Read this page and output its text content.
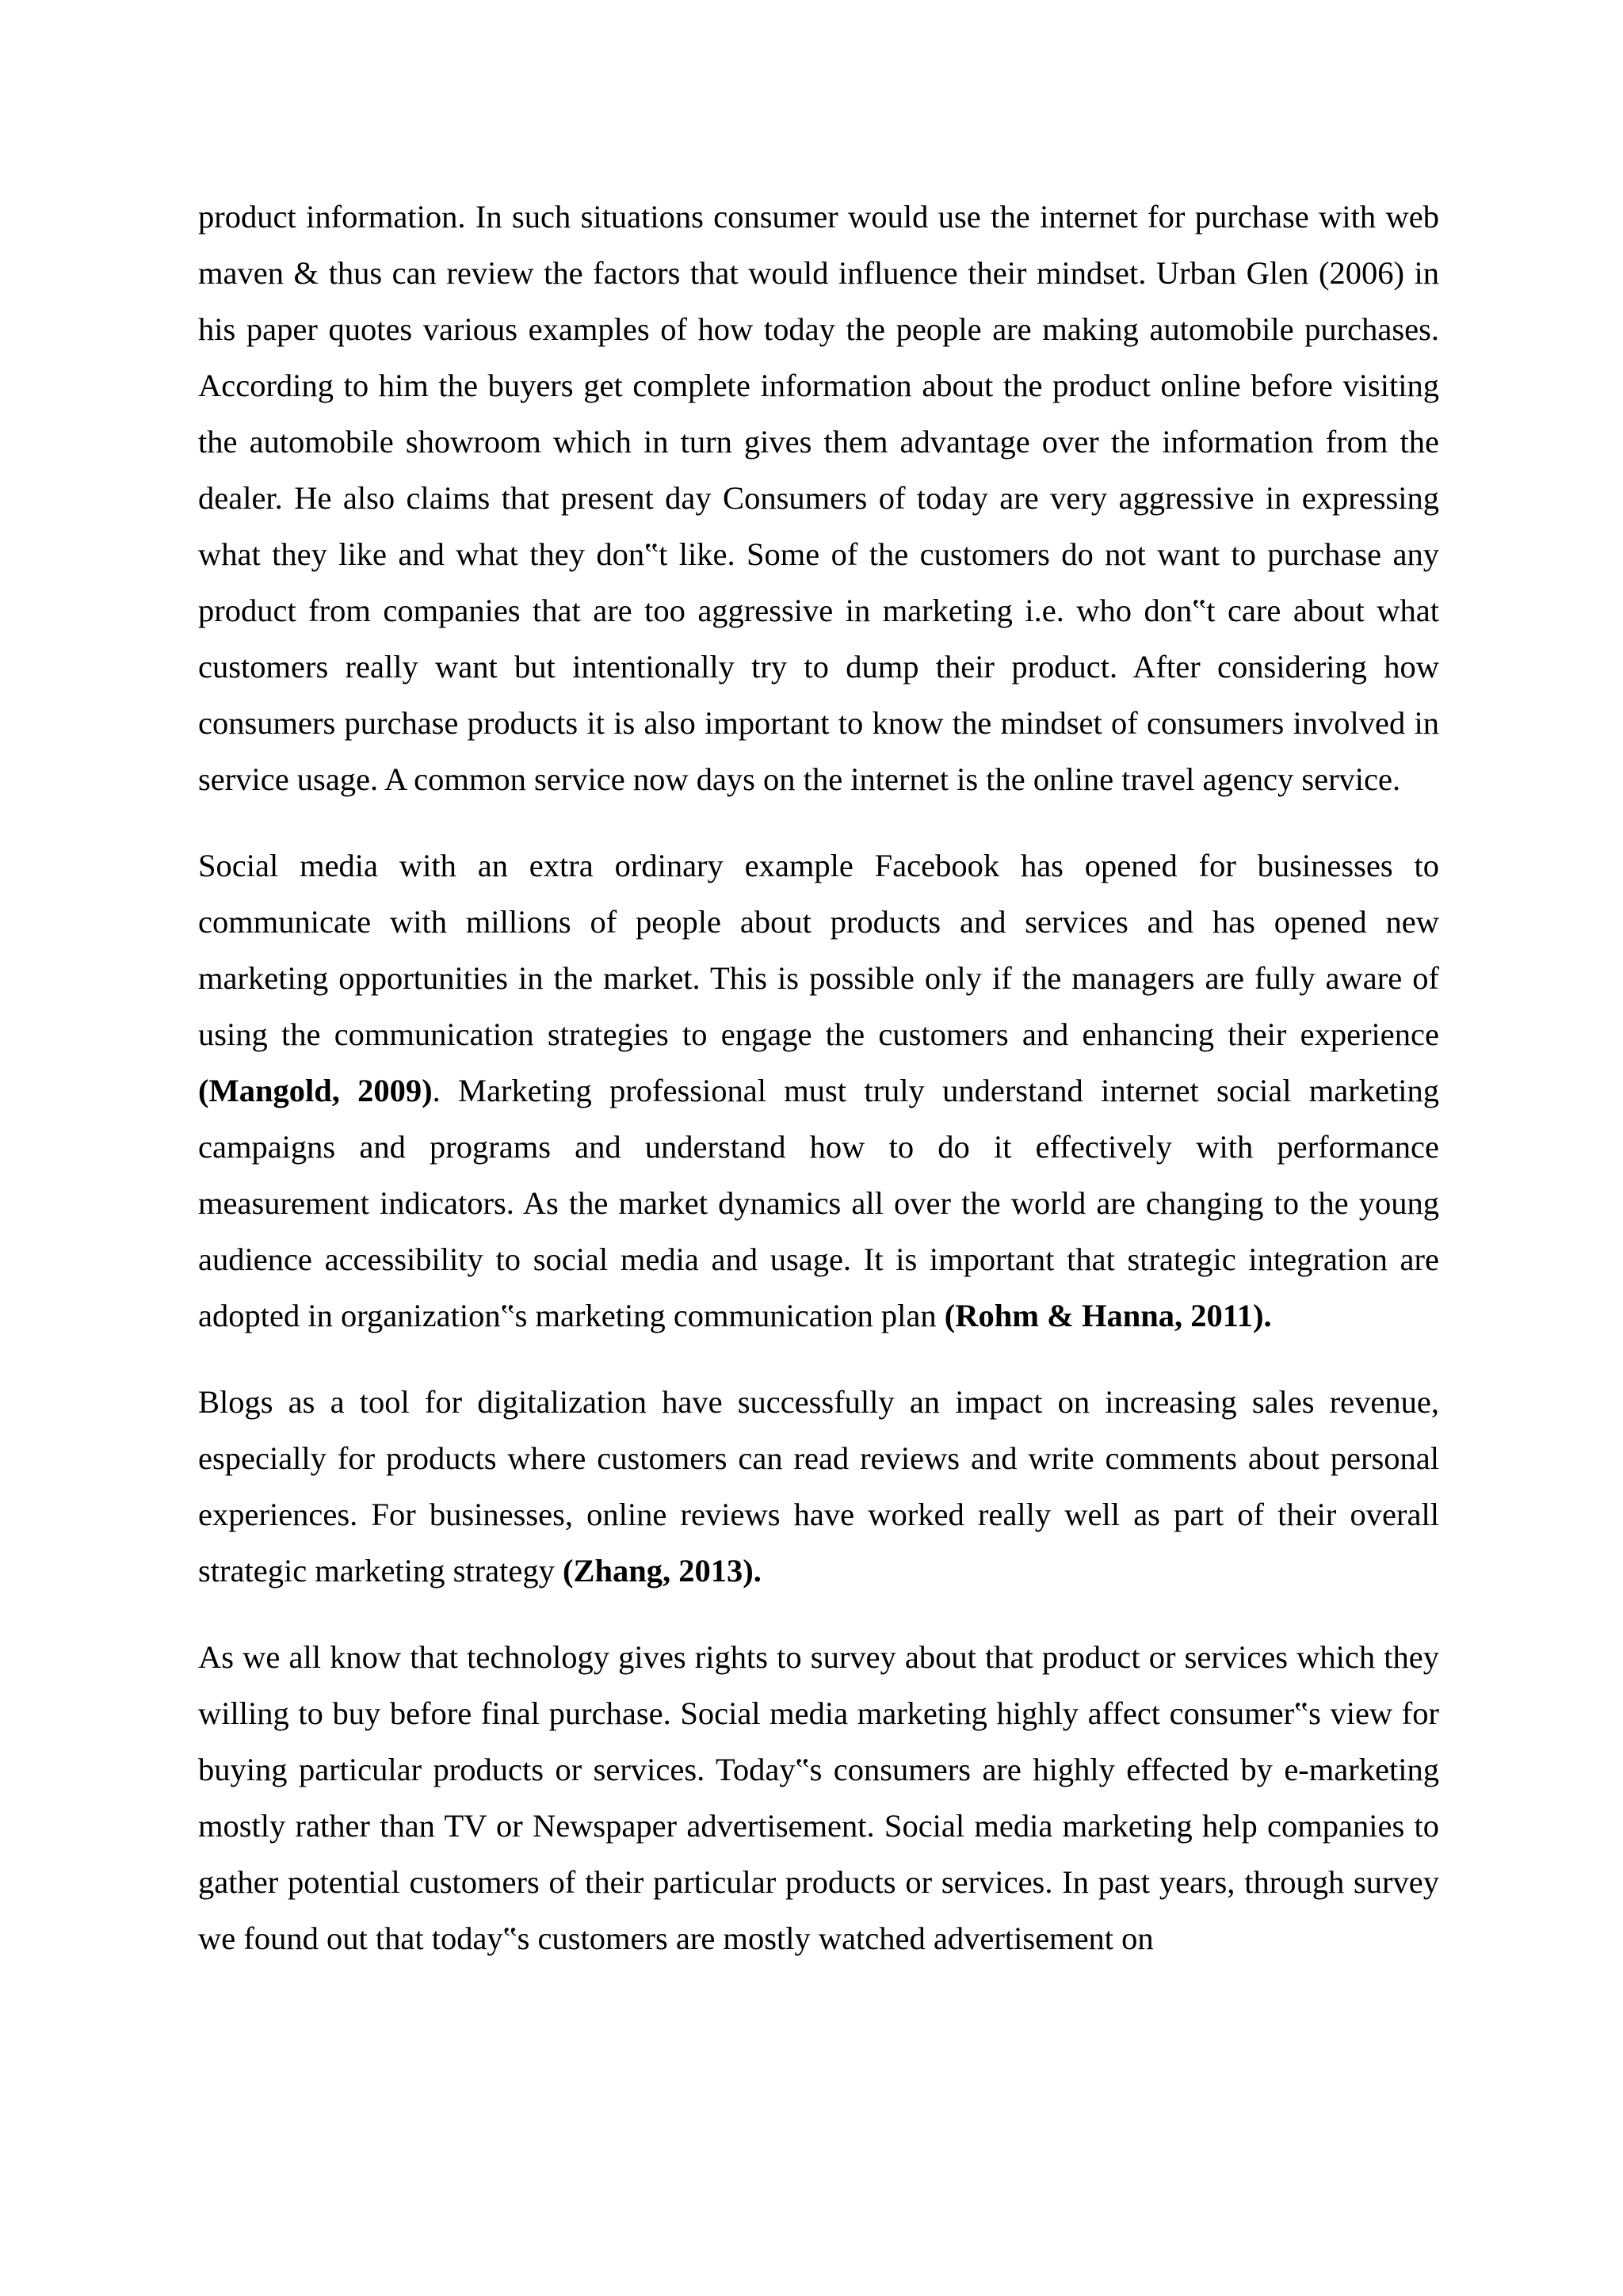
product information. In such situations consumer would use the internet for purchase with web maven & thus can review the factors that would influence their mindset. Urban Glen (2006) in his paper quotes various examples of how today the people are making automobile purchases. According to him the buyers get complete information about the product online before visiting the automobile showroom which in turn gives them advantage over the information from the dealer. He also claims that present day Consumers of today are very aggressive in expressing what they like and what they don‟t like. Some of the customers do not want to purchase any product from companies that are too aggressive in marketing i.e. who don‟t care about what customers really want but intentionally try to dump their product. After considering how consumers purchase products it is also important to know the mindset of consumers involved in service usage. A common service now days on the internet is the online travel agency service.

Social media with an extra ordinary example Facebook has opened for businesses to communicate with millions of people about products and services and has opened new marketing opportunities in the market. This is possible only if the managers are fully aware of using the communication strategies to engage the customers and enhancing their experience (Mangold, 2009). Marketing professional must truly understand internet social marketing campaigns and programs and understand how to do it effectively with performance measurement indicators. As the market dynamics all over the world are changing to the young audience accessibility to social media and usage. It is important that strategic integration are adopted in organization‟s marketing communication plan (Rohm & Hanna, 2011).

Blogs as a tool for digitalization have successfully an impact on increasing sales revenue, especially for products where customers can read reviews and write comments about personal experiences. For businesses, online reviews have worked really well as part of their overall strategic marketing strategy (Zhang, 2013).

As we all know that technology gives rights to survey about that product or services which they willing to buy before final purchase. Social media marketing highly affect consumer‟s view for buying particular products or services. Today‟s consumers are highly effected by e-marketing mostly rather than TV or Newspaper advertisement. Social media marketing help companies to gather potential customers of their particular products or services. In past years, through survey we found out that today‟s customers are mostly watched advertisement on
